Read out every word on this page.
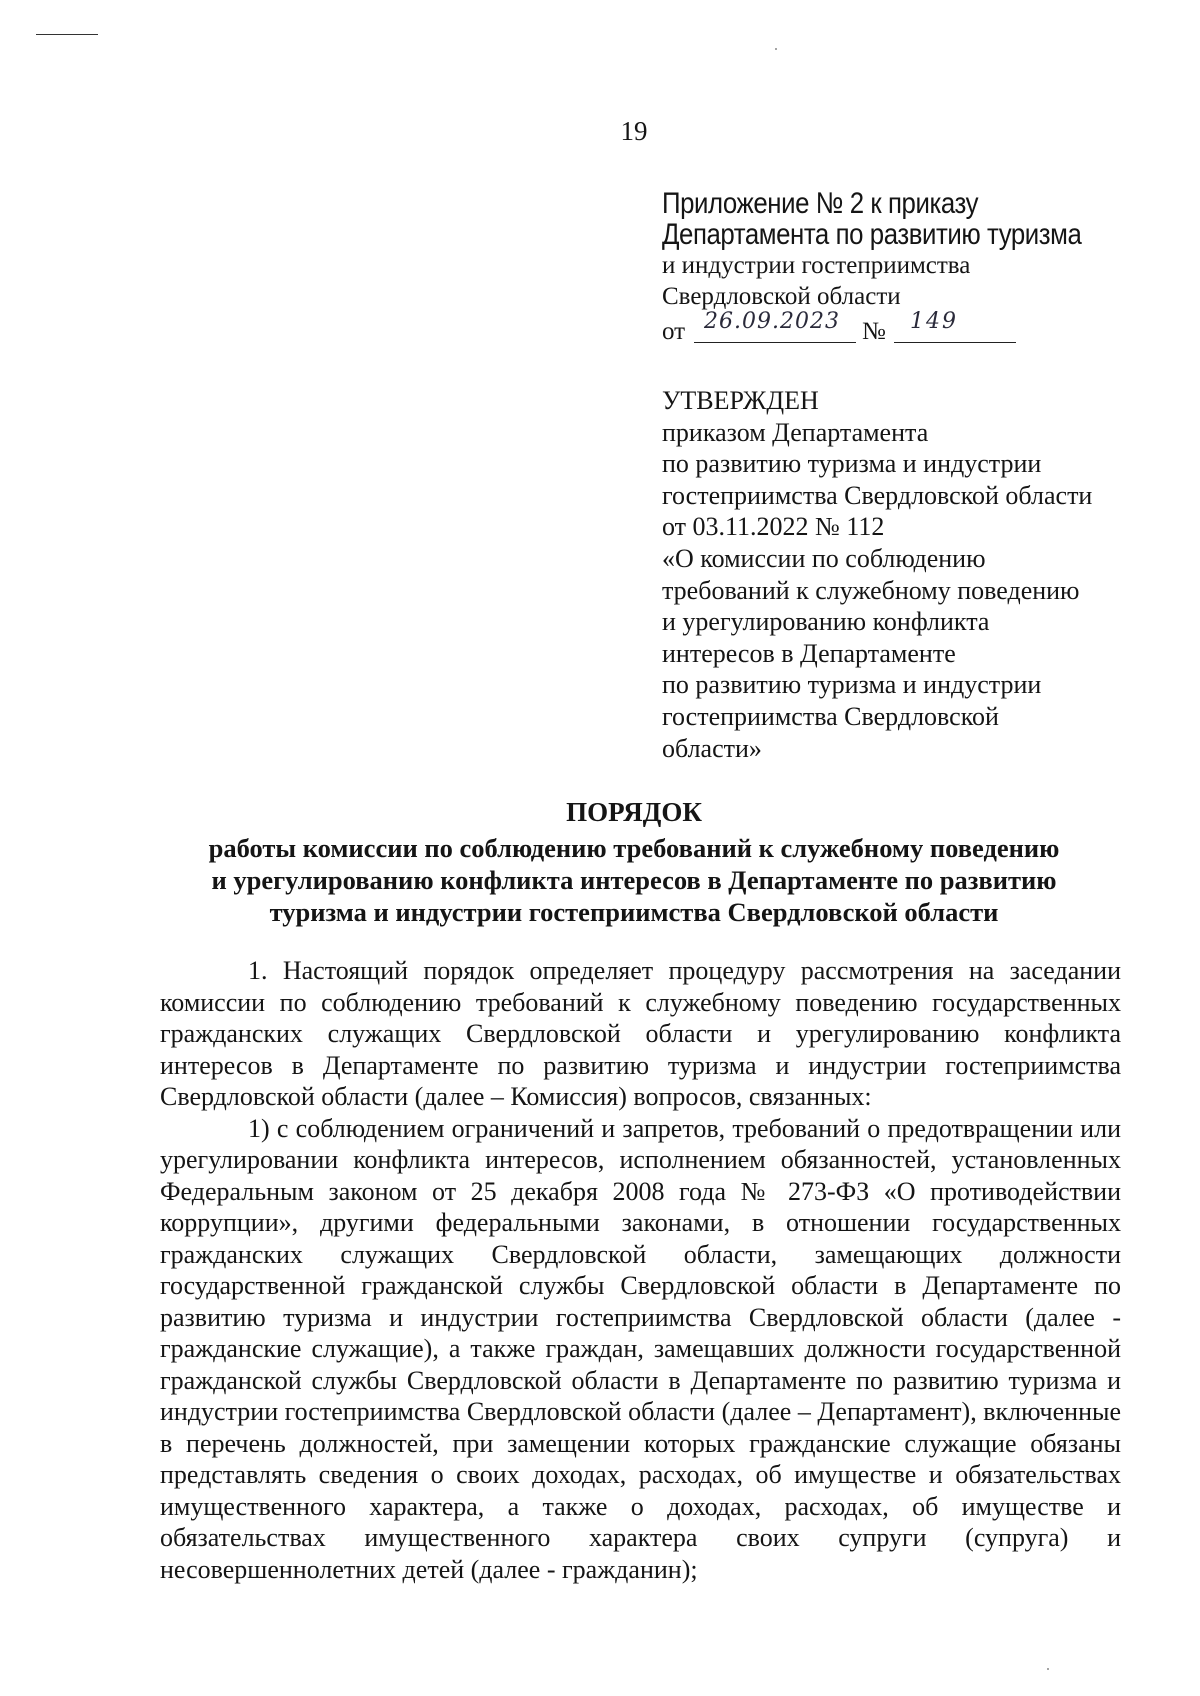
19
Приложение № 2 к приказу
Департамента по развитию туризма
и индустрии гостеприимства
Свердловской области
от 26.09.2023 № 149
УТВЕРЖДЕН
приказом Департамента
по развитию туризма и индустрии
гостеприимства Свердловской области
от 03.11.2022 № 112
«О комиссии по соблюдению
требований к служебному поведению
и урегулированию конфликта
интересов в Департаменте
по развитию туризма и индустрии
гостеприимства Свердловской
области»
ПОРЯДОК
работы комиссии по соблюдению требований к служебному поведению
и урегулированию конфликта интересов в Департаменте по развитию
туризма и индустрии гостеприимства Свердловской области

1. Настоящий порядок определяет процедуру рассмотрения на заседании комиссии по соблюдению требований к служебному поведению государственных гражданских служащих Свердловской области и урегулированию конфликта интересов в Департаменте по развитию туризма и индустрии гостеприимства Свердловской области (далее – Комиссия) вопросов, связанных:

1) с соблюдением ограничений и запретов, требований о предотвращении или урегулировании конфликта интересов, исполнением обязанностей, установленных Федеральным законом от 25 декабря 2008 года № 273-ФЗ «О противодействии коррупции», другими федеральными законами, в отношении государственных гражданских служащих Свердловской области, замещающих должности государственной гражданской службы Свердловской области в Департаменте по развитию туризма и индустрии гостеприимства Свердловской области (далее - гражданские служащие), а также граждан, замещавших должности государственной гражданской службы Свердловской области в Департаменте по развитию туризма и индустрии гостеприимства Свердловской области (далее – Департамент), включенные в перечень должностей, при замещении которых гражданские служащие обязаны представлять сведения о своих доходах, расходах, об имуществе и обязательствах имущественного характера, а также о доходах, расходах, об имуществе и обязательствах имущественного характера своих супруги (супруга) и несовершеннолетних детей (далее - гражданин);
